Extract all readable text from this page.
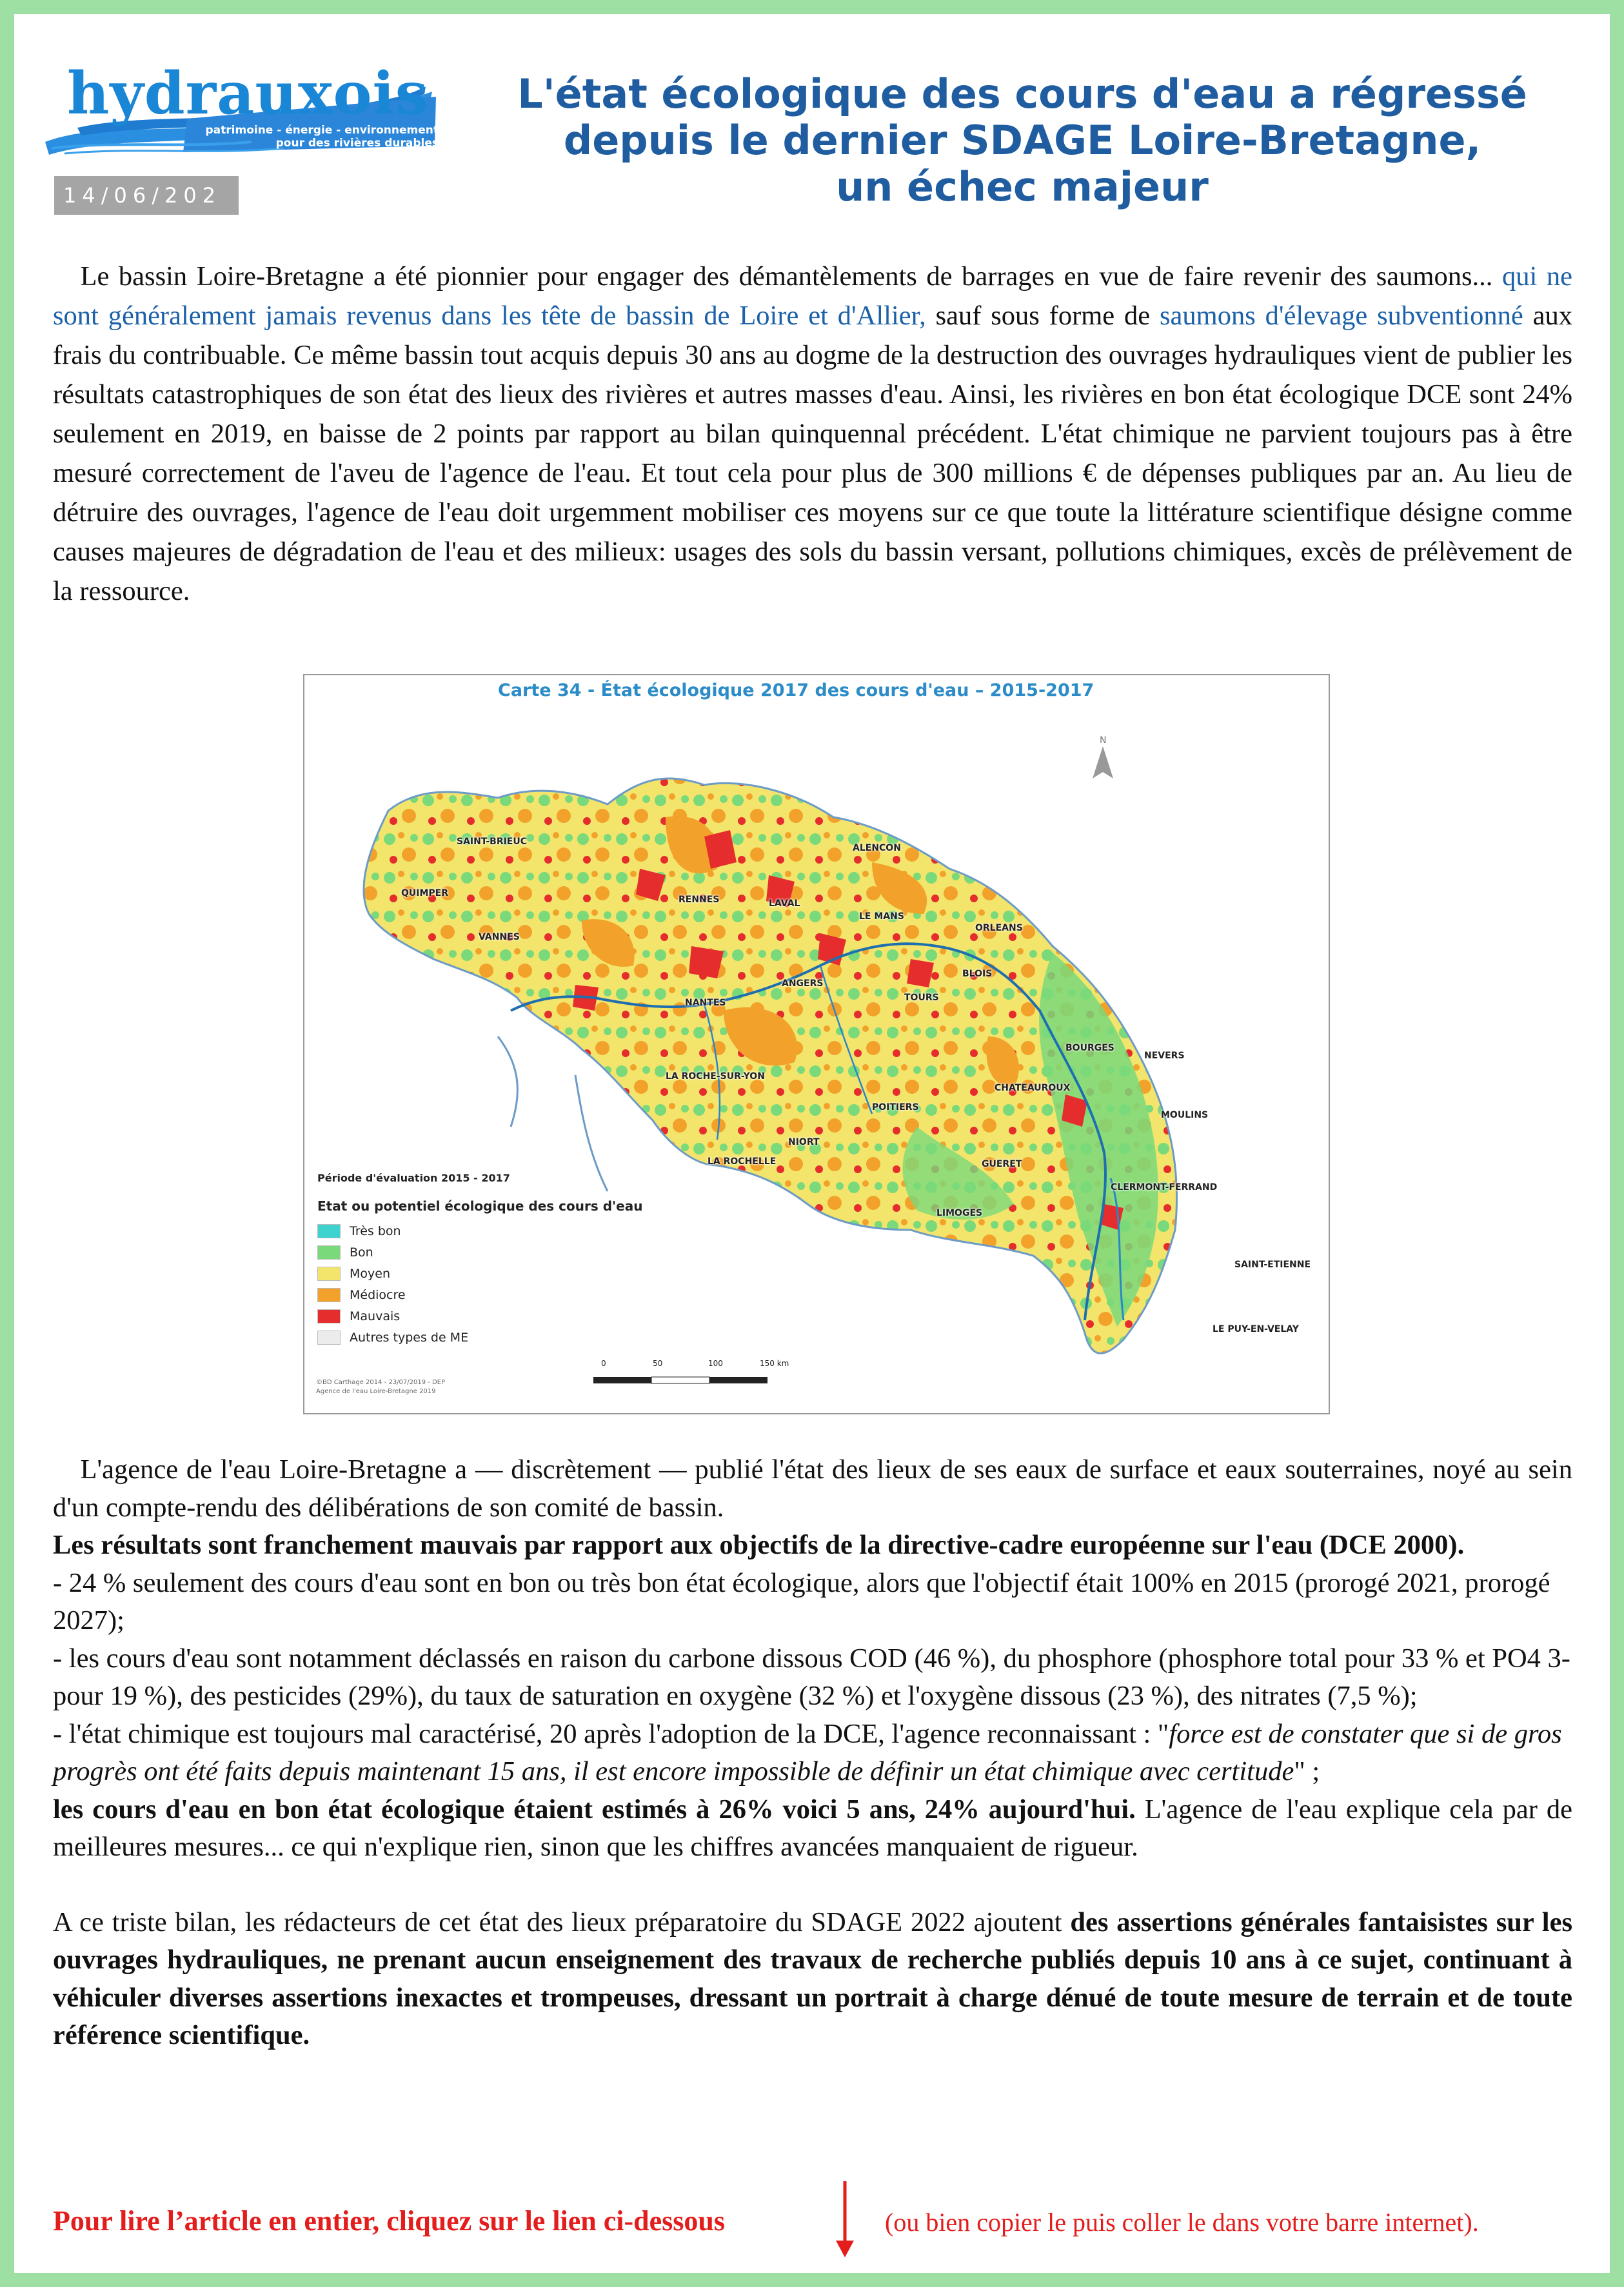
hydrauxois
patrimoine - énergie - environnement
pour des rivières durables
14/06/202
L'état écologique des cours d'eau a régressé
depuis le dernier SDAGE Loire-Bretagne,
un échec majeur

 Le bassin Loire-Bretagne a été pionnier pour engager des démantèlements de barrages en vue de faire revenir des saumons... qui ne sont généralement jamais revenus dans les tête de bassin de Loire et d'Allier, sauf sous forme de saumons d'élevage subventionné aux frais du contribuable. Ce même bassin tout acquis depuis 30 ans au dogme de la destruction des ouvrages hydrauliques vient de publier les résultats catastrophiques de son état des lieux des rivières et autres masses d'eau. Ainsi, les rivières en bon état écologique DCE sont 24% seulement en 2019, en baisse de 2 points par rapport au bilan quinquennal précédent. L'état chimique ne parvient toujours pas à être mesuré correctement de l'aveu de l'agence de l'eau. Et tout cela pour plus de 300 millions € de dépenses publiques par an. Au lieu de détruire des ouvrages, l'agence de l'eau doit urgemment mobiliser ces moyens sur ce que toute la littérature scientifique désigne comme causes majeures de dégradation de l'eau et des milieux: usages des sols du bassin versant, pollutions chimiques, excès de prélèvement de la ressource.

Carte 34 - État écologique 2017 des cours d'eau – 2015-2017
N
SAINT-BRIEUC
QUIMPER
VANNES
RENNES	LAVAL
ALENCON
LE MANS
ORLEANS
BLOIS
ANGERS
TOURS
NANTES
BOURGES
NEVERS
LA ROCHE-SUR-YON
CHATEAUROUX
POITIERS
MOULINS
NIORT
LA ROCHELLE	GUERET
LIMOGES
CLERMONT-FERRAND
SAINT-ETIENNE
LE PUY-EN-VELAY
Période d'évaluation 2015 - 2017
Etat ou potentiel écologique des cours d'eau
Très bon
Bon
Moyen
Médiocre
Mauvais
Autres types de ME
©BD Carthage 2014 - 23/07/2019 - DEP
Agence de l'eau Loire-Bretagne 2019
0	50	100	150 km

 L'agence de l'eau Loire-Bretagne a — discrètement — publié l'état des lieux de ses eaux de surface et eaux souterraines, noyé au sein d'un compte-rendu des délibérations de son comité de bassin.

Les résultats sont franchement mauvais par rapport aux objectifs de la directive-cadre européenne sur l'eau (DCE 2000).

- 24 % seulement des cours d'eau sont en bon ou très bon état écologique, alors que l'objectif était 100% en 2015 (prorogé 2021, prorogé 2027);

- les cours d'eau sont notamment déclassés en raison du carbone dissous COD (46 %), du phosphore (phosphore total pour 33 % et PO4 3- pour 19 %), des pesticides (29%), du taux de saturation en oxygène (32 %) et l'oxygène dissous (23 %), des nitrates (7,5 %);

- l'état chimique est toujours mal caractérisé, 20 après l'adoption de la DCE, l'agence reconnaissant : "force est de constater que si de gros progrès ont été faits depuis maintenant 15 ans, il est encore impossible de définir un état chimique avec certitude" ;

les cours d'eau en bon état écologique étaient estimés à 26% voici 5 ans, 24% aujourd'hui. L'agence de l'eau explique cela par de meilleures mesures... ce qui n'explique rien, sinon que les chiffres avancées manquaient de rigueur.

A ce triste bilan, les rédacteurs de cet état des lieux préparatoire du SDAGE 2022 ajoutent des assertions générales fantaisistes sur les ouvrages hydrauliques, ne prenant aucun enseignement des travaux de recherche publiés depuis 10 ans à ce sujet, continuant à véhiculer diverses assertions inexactes et trompeuses, dressant un portrait à charge dénué de toute mesure de terrain et de toute référence scientifique.

Pour lire l’article en entier, cliquez sur le lien ci-dessous	(ou bien copier le puis coller le dans votre barre internet).
